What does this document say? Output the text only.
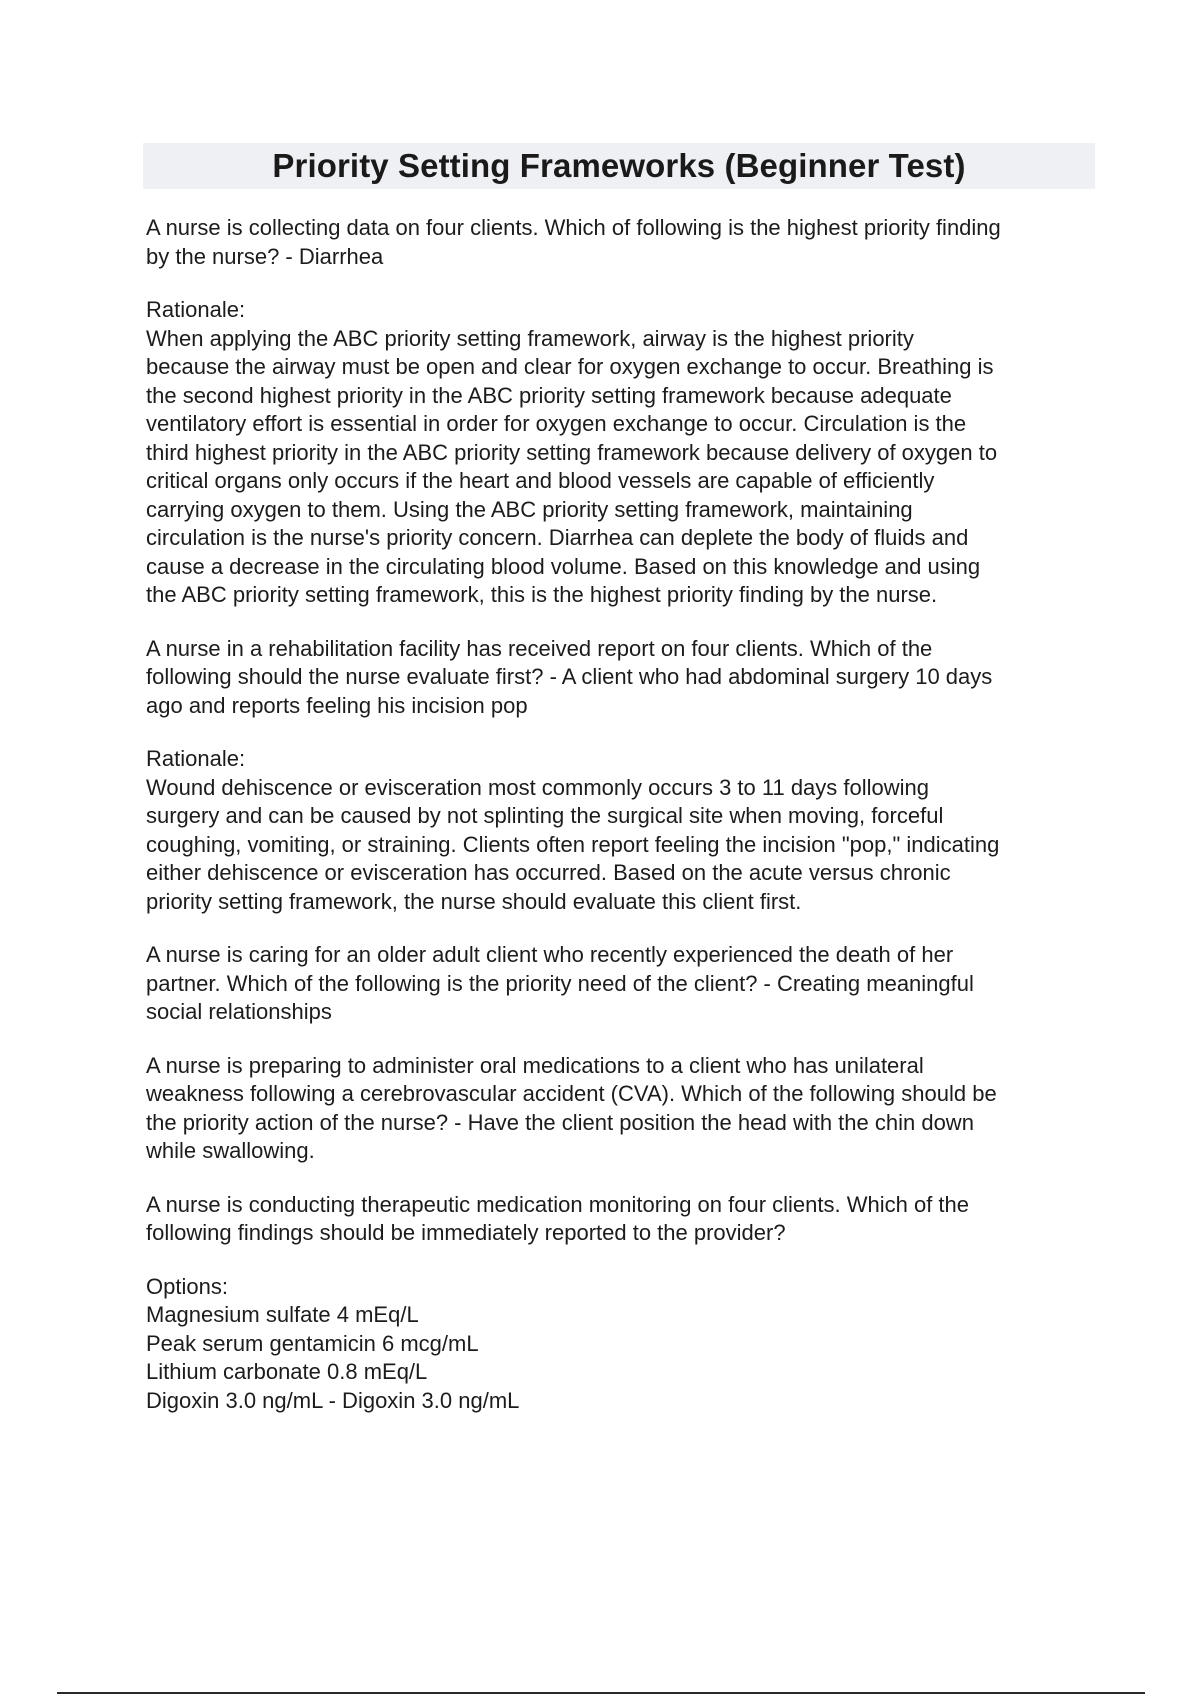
Priority Setting Frameworks (Beginner Test)
A nurse is collecting data on four clients. Which of following is the highest priority finding
by the nurse? - Diarrhea
Rationale:
When applying the ABC priority setting framework, airway is the highest priority
because the airway must be open and clear for oxygen exchange to occur. Breathing is
the second highest priority in the ABC priority setting framework because adequate
ventilatory effort is essential in order for oxygen exchange to occur. Circulation is the
third highest priority in the ABC priority setting framework because delivery of oxygen to
critical organs only occurs if the heart and blood vessels are capable of efficiently
carrying oxygen to them. Using the ABC priority setting framework, maintaining
circulation is the nurse's priority concern. Diarrhea can deplete the body of fluids and
cause a decrease in the circulating blood volume. Based on this knowledge and using
the ABC priority setting framework, this is the highest priority finding by the nurse.
A nurse in a rehabilitation facility has received report on four clients. Which of the
following should the nurse evaluate first? - A client who had abdominal surgery 10 days
ago and reports feeling his incision pop
Rationale:
Wound dehiscence or evisceration most commonly occurs 3 to 11 days following
surgery and can be caused by not splinting the surgical site when moving, forceful
coughing, vomiting, or straining. Clients often report feeling the incision "pop," indicating
either dehiscence or evisceration has occurred. Based on the acute versus chronic
priority setting framework, the nurse should evaluate this client first.
A nurse is caring for an older adult client who recently experienced the death of her
partner. Which of the following is the priority need of the client? - Creating meaningful
social relationships
A nurse is preparing to administer oral medications to a client who has unilateral
weakness following a cerebrovascular accident (CVA). Which of the following should be
the priority action of the nurse? - Have the client position the head with the chin down
while swallowing.
A nurse is conducting therapeutic medication monitoring on four clients. Which of the
following findings should be immediately reported to the provider?
Options:
Magnesium sulfate 4 mEq/L
Peak serum gentamicin 6 mcg/mL
Lithium carbonate 0.8 mEq/L
Digoxin 3.0 ng/mL - Digoxin 3.0 ng/mL
